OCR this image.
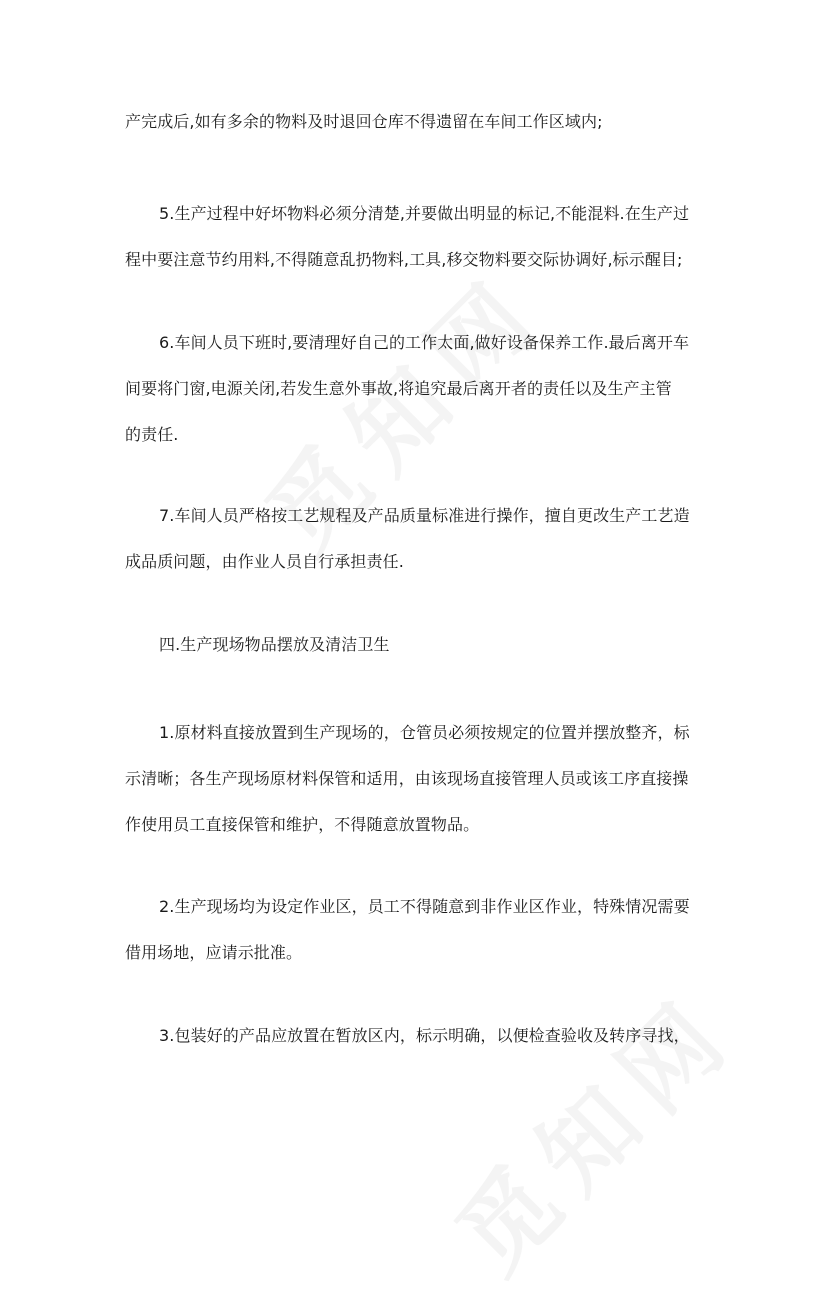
产完成后,如有多余的物料及时退回仓库不得遗留在车间工作区域内;

5.生产过程中好坏物料必须分清楚,并要做出明显的标记,不能混料.在生产过
程中要注意节约用料,不得随意乱扔物料,工具,移交物料要交际协调好,标示醒目;

6.车间人员下班时,要清理好自己的工作太面,做好设备保养工作.最后离开车
间要将门窗,电源关闭,若发生意外事故,将追究最后离开者的责任以及生产主管
的责任.

7.车间人员严格按工艺规程及产品质量标准进行操作，擅自更改生产工艺造
成品质问题，由作业人员自行承担责任.

四.生产现场物品摆放及清洁卫生

1.原材料直接放置到生产现场的，仓管员必须按规定的位置并摆放整齐，标
示清晰；各生产现场原材料保管和适用，由该现场直接管理人员或该工序直接操
作使用员工直接保管和维护，不得随意放置物品。

2.生产现场均为设定作业区，员工不得随意到非作业区作业，特殊情况需要
借用场地，应请示批准。

3.包装好的产品应放置在暂放区内，标示明确，以便检查验收及转序寻找，
